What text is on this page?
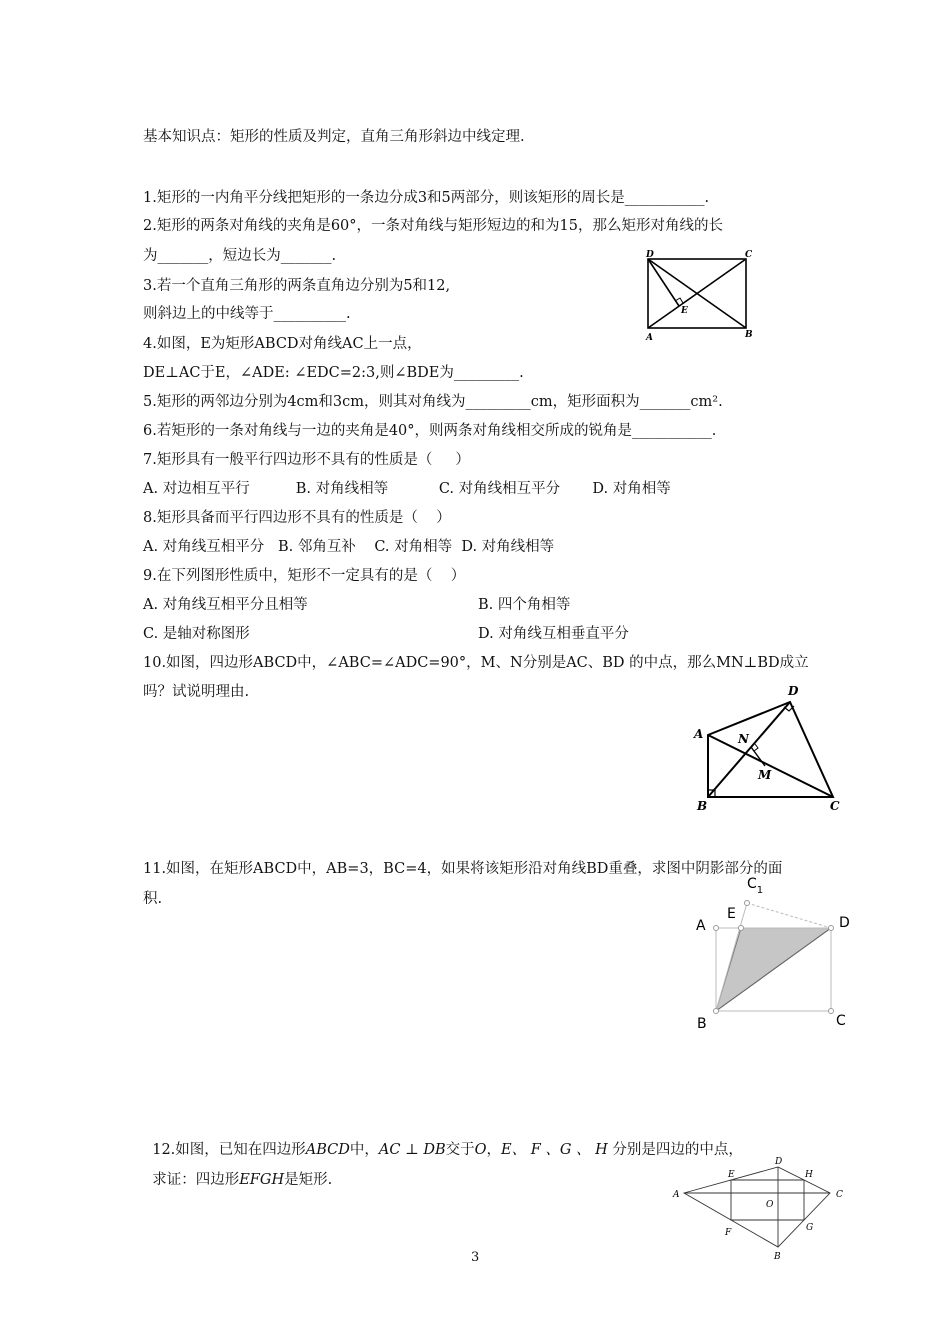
基本知识点：矩形的性质及判定，直角三角形斜边中线定理.
1.矩形的一内角平分线把矩形的一条边分成3和5两部分，则该矩形的周长是___________.
2.矩形的两条对角线的夹角是60°，一条对角线与矩形短边的和为15，那么矩形对角线的长
为_______，短边长为_______.
3.若一个直角三角形的两条直角边分别为5和12,
则斜边上的中线等于__________.
4.如图，E为矩形ABCD对角线AC上一点，
DE⊥AC于E，∠ADE: ∠EDC=2:3,则∠BDE为_________.
5.矩形的两邻边分别为4cm和3cm，则其对角线为_________cm，矩形面积为_______cm².
6.若矩形的一条对角线与一边的夹角是40°，则两条对角线相交所成的锐角是___________.
7.矩形具有一般平行四边形不具有的性质是（     ）
A. 对边相互平行          B. 对角线相等           C. 对角线相互平分       D. 对角相等
8.矩形具备而平行四边形不具有的性质是（    ）
A. 对角线互相平分   B. 邻角互补    C. 对角相等  D. 对角线相等
9.在下列图形性质中，矩形不一定具有的是（    ）
A. 对角线互相平分且相等	B. 四个角相等
C. 是轴对称图形	D. 对角线互相垂直平分
10.如图，四边形ABCD中，∠ABC=∠ADC=90°，M、N分别是AC、BD 的中点，那么MN⊥BD成立
吗？试说明理由.
11.如图，在矩形ABCD中，AB=3，BC=4，如果将该矩形沿对角线BD重叠，求图中阴影部分的面
积.

12.如图，已知在四边形ABCD中，AC ⊥ DB交于O，E、 F 、G 、 H 分别是四边的中点，

求证：四边形EFGH是矩形.

3
D	C
A	B
E
D
A	N
M
B	C
A
E
$C_1$
D
B	C
A
D
E	H
C
O
G
F
B
